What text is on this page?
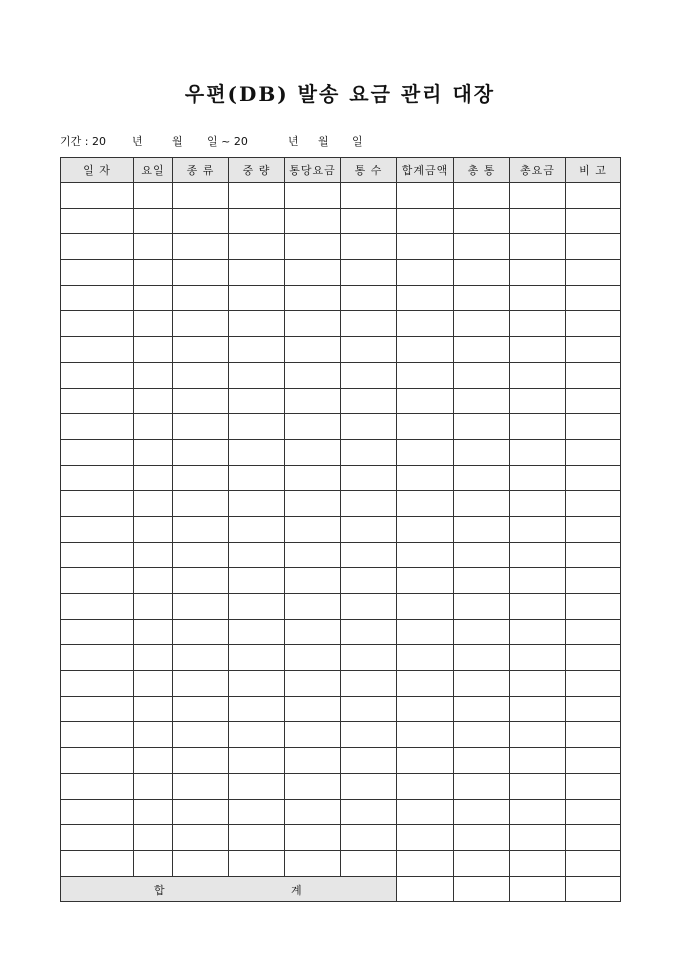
우편(DB) 발송 요금 관리 대장
기간 : 20 년	월 일 ~ 20	년 월 일
일 자	요일	종 류	중 량	통당요금	통 수	합계금액	총 통	총요금	비 고

합 계									
